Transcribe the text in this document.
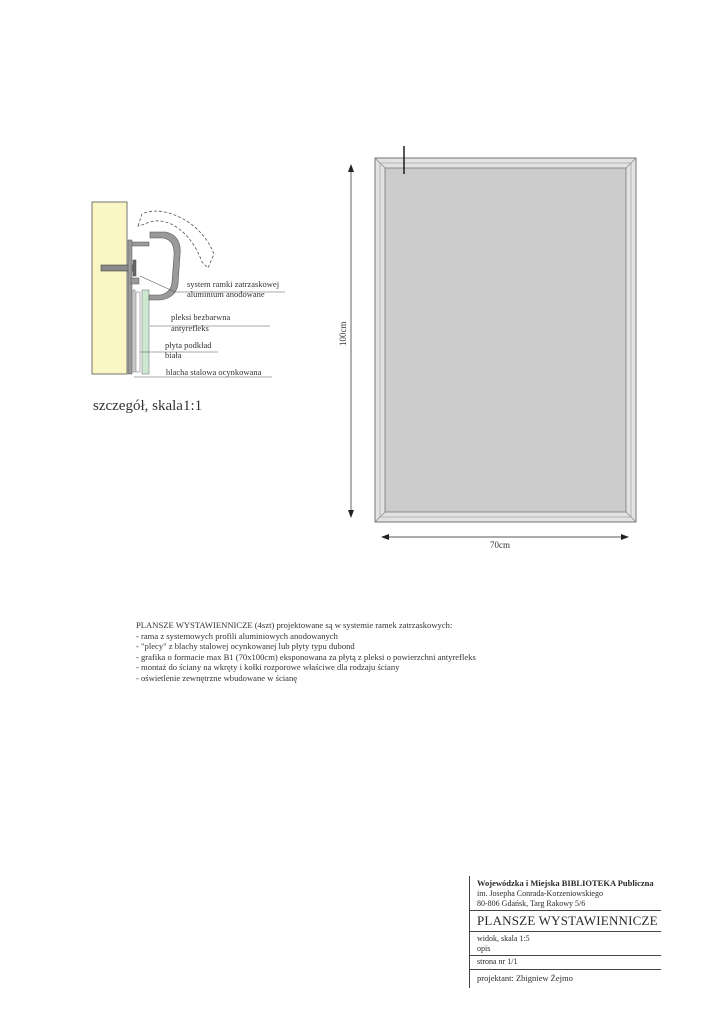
system ramki zatrzaskowej
aluminium anodowane
pleksi bezbarwna
antyrefleks
płyta podkład
biała
blacha stalowa ocynkowana
100cm
70cm
szczegół, skala1:1
PLANSZE WYSTAWIENNICZE (4szt) projektowane są w systemie ramek zatrzaskowych:
- rama z systemowych profili aluminiowych anodowanych
- "plecy" z blachy stalowej ocynkowanej lub płyty typu dubond
- grafika o formacie max B1 (70x100cm) eksponowana za płytą z pleksi o powierzchni antyrefleks
- montaż do ściany na wkręty i kołki rozporowe właściwe dla rodzaju ściany
- oświetlenie zewnętrzne wbudowane w ścianę
Wojewódzka i Miejska BIBLIOTEKA Publiczna
im. Josepha Conrada-Korzeniowskiego
80-806 Gdańsk, Targ Rakowy 5/6
PLANSZE WYSTAWIENNICZE
widok, skala 1:5
opis
strona nr 1/1
projektant: Zbigniew Żejmo
